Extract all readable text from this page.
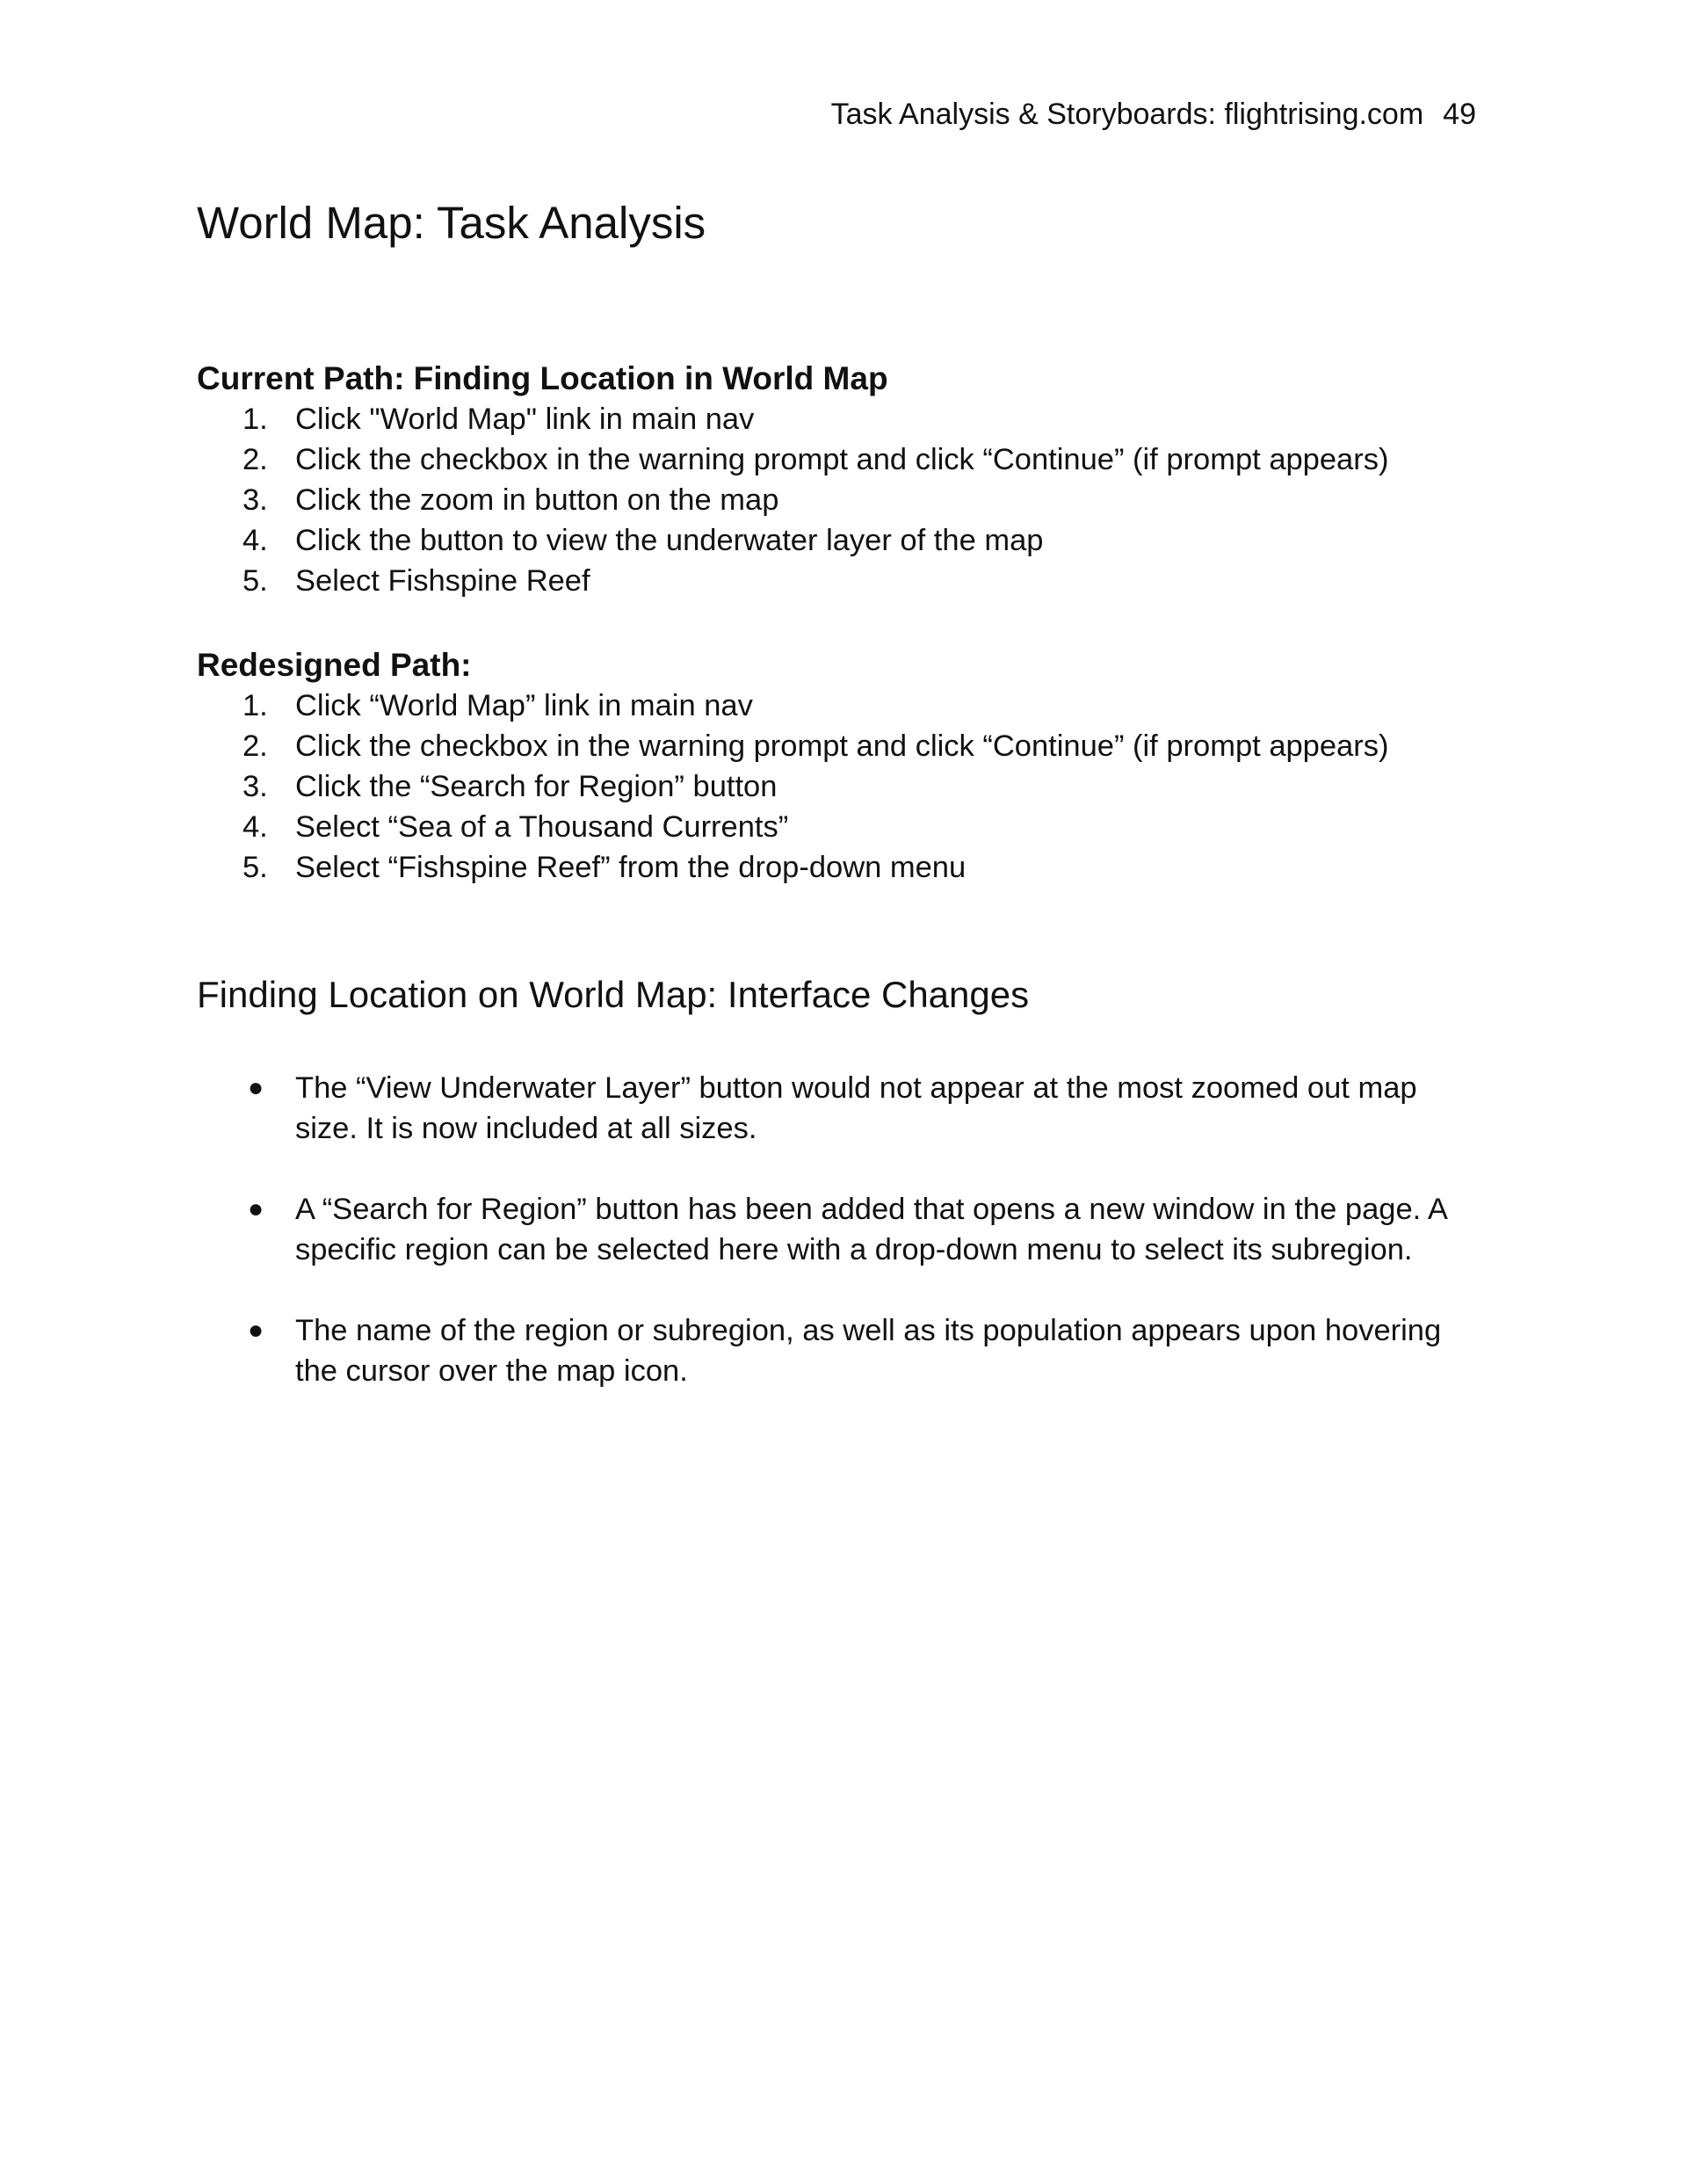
Task Analysis & Storyboards: flightrising.com 49
World Map: Task Analysis
Current Path: Finding Location in World Map
1. Click "World Map" link in main nav
2. Click the checkbox in the warning prompt and click “Continue” (if prompt appears)
3. Click the zoom in button on the map
4. Click the button to view the underwater layer of the map
5. Select Fishspine Reef
Redesigned Path:
1. Click “World Map” link in main nav
2. Click the checkbox in the warning prompt and click “Continue” (if prompt appears)
3. Click the “Search for Region” button
4. Select “Sea of a Thousand Currents”
5. Select “Fishspine Reef” from the drop-down menu
Finding Location on World Map: Interface Changes
● The “View Underwater Layer” button would not appear at the most zoomed out map size. It is now included at all sizes.
● A “Search for Region” button has been added that opens a new window in the page. A specific region can be selected here with a drop-down menu to select its subregion.
● The name of the region or subregion, as well as its population appears upon hovering the cursor over the map icon.
